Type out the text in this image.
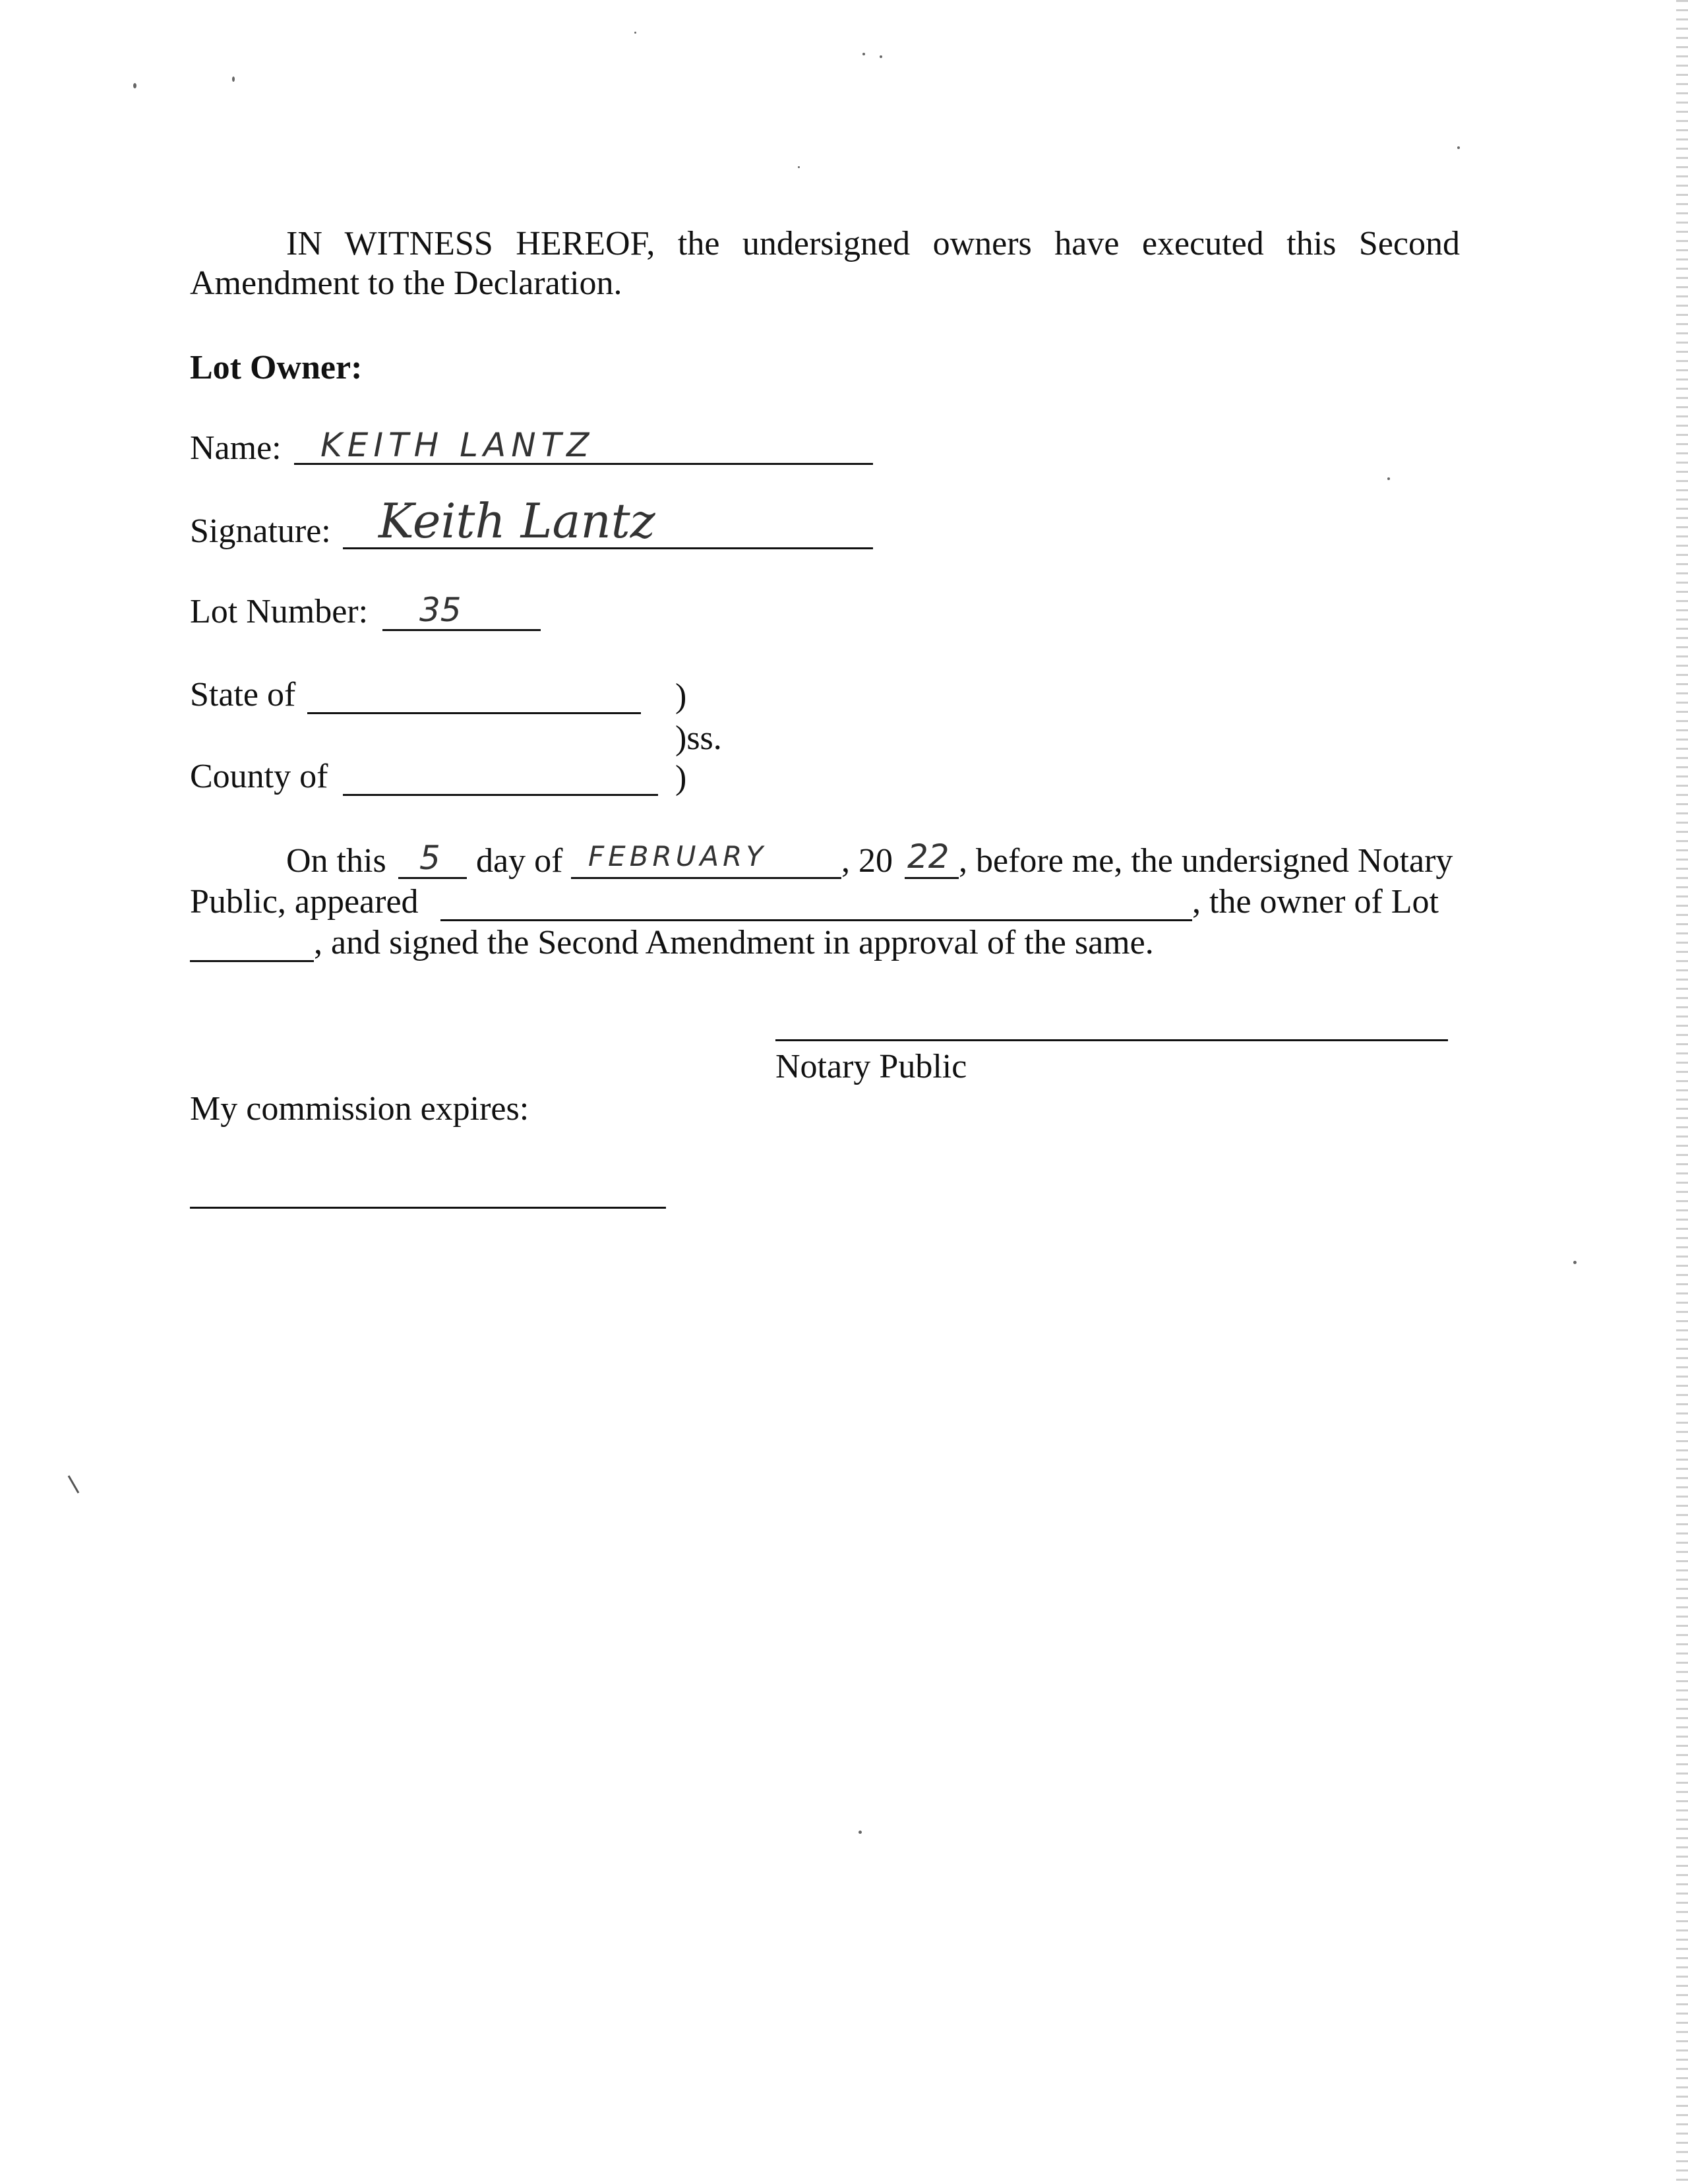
IN WITNESS HEREOF, the undersigned owners have executed this Second
Amendment to the Declaration.
Lot Owner:
Name: KEITH LANTZ
Signature: Keith Lantz
Lot Number: 35
State of	)
)ss.
County of	)
On this 5 day of FEBRUARY , 20 22 , before me, the undersigned Notary
Public, appeared	, the owner of Lot
, and signed the Second Amendment in approval of the same.
Notary Public
My commission expires:
